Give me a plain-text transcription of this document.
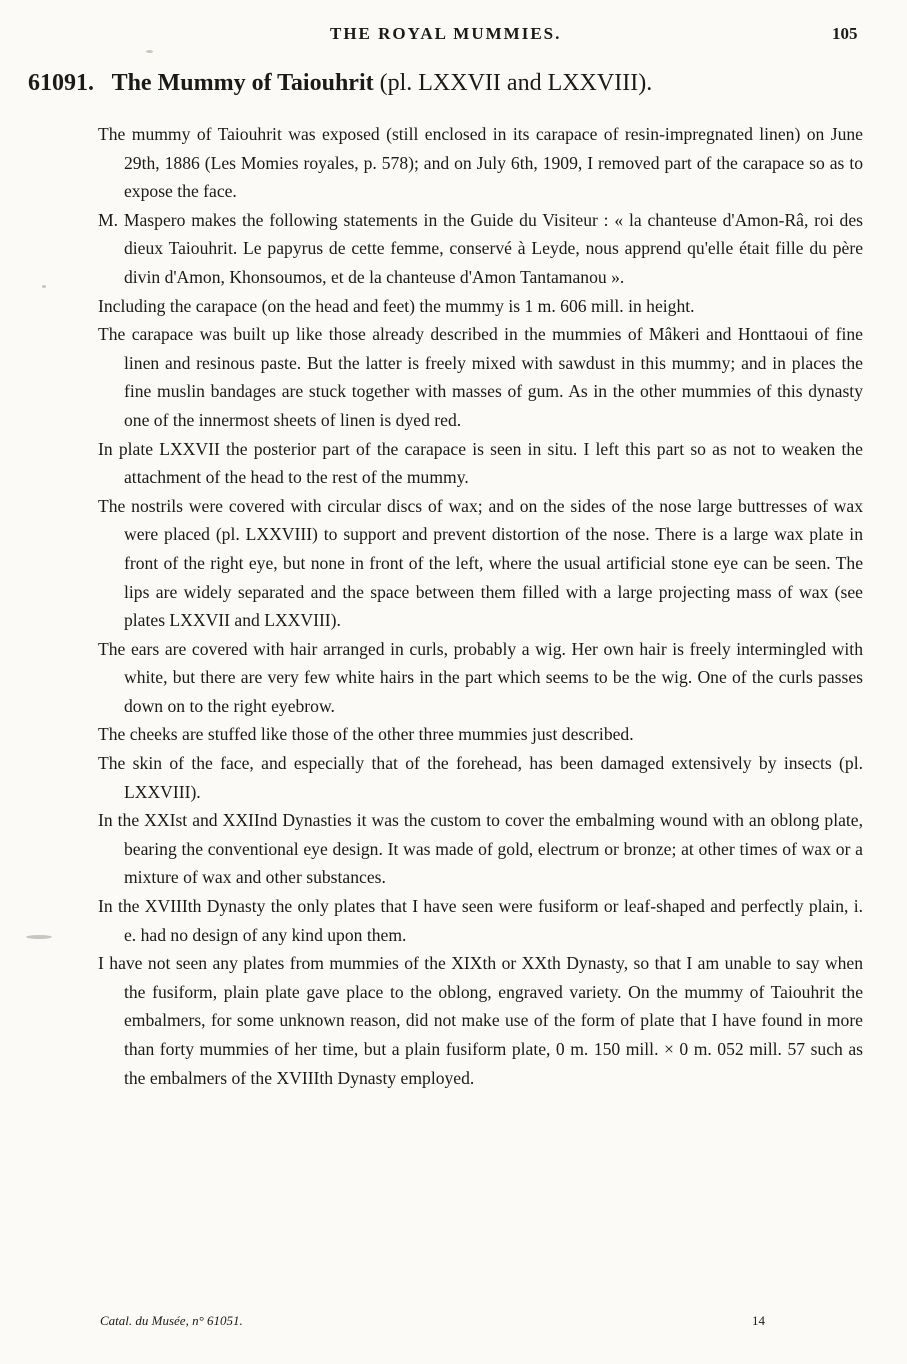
THE ROYAL MUMMIES.	105
61091. The Mummy of Taiouhrit (pl. LXXVII and LXXVIII).

The mummy of Taiouhrit was exposed (still enclosed in its carapace of resin-impregnated linen) on June 29th, 1886 (Les Momies royales, p. 578); and on July 6th, 1909, I removed part of the carapace so as to expose the face.

M. Maspero makes the following statements in the Guide du Visiteur : « la chanteuse d'Amon-Râ, roi des dieux Taiouhrit. Le papyrus de cette femme, conservé à Leyde, nous apprend qu'elle était fille du père divin d'Amon, Khonsoumos, et de la chanteuse d'Amon Tantamanou ».

Including the carapace (on the head and feet) the mummy is 1 m. 606 mill. in height.

The carapace was built up like those already described in the mummies of Mâkeri and Honttaoui of fine linen and resinous paste. But the latter is freely mixed with sawdust in this mummy; and in places the fine muslin bandages are stuck together with masses of gum. As in the other mummies of this dynasty one of the innermost sheets of linen is dyed red.

In plate LXXVII the posterior part of the carapace is seen in situ. I left this part so as not to weaken the attachment of the head to the rest of the mummy.

The nostrils were covered with circular discs of wax; and on the sides of the nose large buttresses of wax were placed (pl. LXXVIII) to support and prevent distortion of the nose. There is a large wax plate in front of the right eye, but none in front of the left, where the usual artificial stone eye can be seen. The lips are widely separated and the space between them filled with a large projecting mass of wax (see plates LXXVII and LXXVIII).

The ears are covered with hair arranged in curls, probably a wig. Her own hair is freely intermingled with white, but there are very few white hairs in the part which seems to be the wig. One of the curls passes down on to the right eyebrow.

The cheeks are stuffed like those of the other three mummies just described.

The skin of the face, and especially that of the forehead, has been damaged extensively by insects (pl. LXXVIII).

In the XXIst and XXIInd Dynasties it was the custom to cover the embalming wound with an oblong plate, bearing the conventional eye design. It was made of gold, electrum or bronze; at other times of wax or a mixture of wax and other substances.

In the XVIIIth Dynasty the only plates that I have seen were fusiform or leaf-shaped and perfectly plain, i. e. had no design of any kind upon them.

I have not seen any plates from mummies of the XIXth or XXth Dynasty, so that I am unable to say when the fusiform, plain plate gave place to the oblong, engraved variety. On the mummy of Taiouhrit the embalmers, for some unknown reason, did not make use of the form of plate that I have found in more than forty mummies of her time, but a plain fusiform plate, 0 m. 150 mill. × 0 m. 052 mill. 57 such as the embalmers of the XVIIIth Dynasty employed.

Catal. du Musée, n° 61051.	14
